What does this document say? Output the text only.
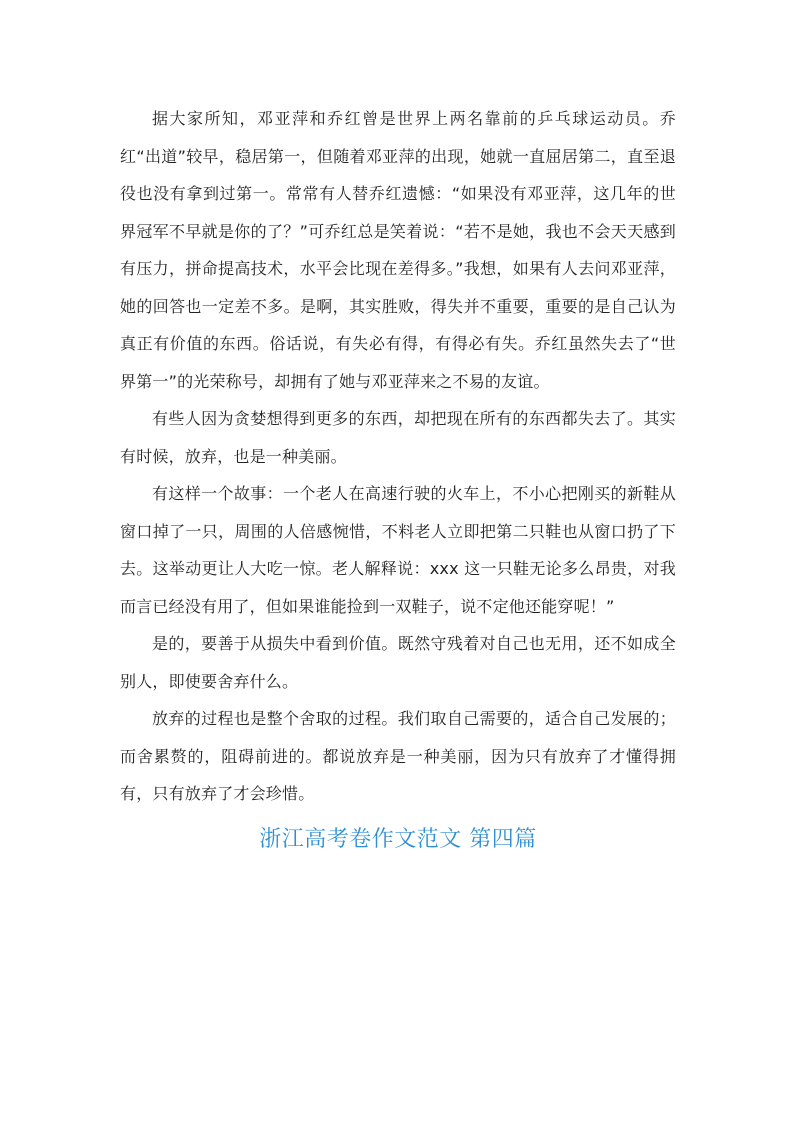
据大家所知，邓亚萍和乔红曾是世界上两名靠前的乒乓球运动员。乔红“出道”较早，稳居第一，但随着邓亚萍的出现，她就一直屈居第二，直至退役也没有拿到过第一。常常有人替乔红遗憾：“如果没有邓亚萍，这几年的世界冠军不早就是你的了？”可乔红总是笑着说：“若不是她，我也不会天天感到有压力，拼命提高技术，水平会比现在差得多。”我想，如果有人去问邓亚萍，她的回答也一定差不多。是啊，其实胜败，得失并不重要，重要的是自己认为真正有价值的东西。俗话说，有失必有得，有得必有失。乔红虽然失去了“世界第一”的光荣称号，却拥有了她与邓亚萍来之不易的友谊。

有些人因为贪婪想得到更多的东西，却把现在所有的东西都失去了。其实有时候，放弃，也是一种美丽。

有这样一个故事：一个老人在高速行驶的火车上，不小心把刚买的新鞋从窗口掉了一只，周围的人倍感惋惜，不料老人立即把第二只鞋也从窗口扔了下去。这举动更让人大吃一惊。老人解释说：xxx 这一只鞋无论多么昂贵，对我而言已经没有用了，但如果谁能捡到一双鞋子，说不定他还能穿呢！”

是的，要善于从损失中看到价值。既然守残着对自己也无用，还不如成全别人，即使要舍弃什么。

放弃的过程也是整个舍取的过程。我们取自己需要的，适合自己发展的；而舍累赘的，阻碍前进的。都说放弃是一种美丽，因为只有放弃了才懂得拥有，只有放弃了才会珍惜。

浙江高考卷作文范文 第四篇
